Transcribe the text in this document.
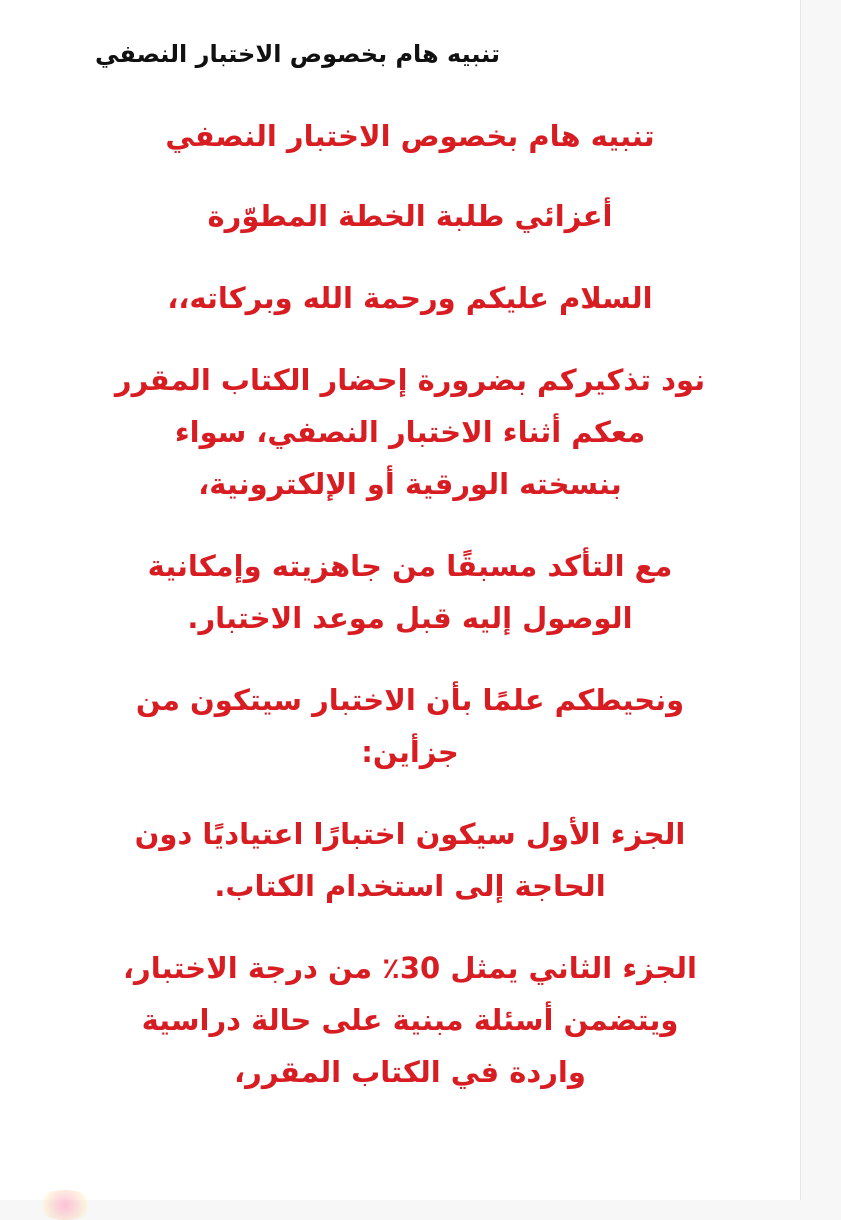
تنبيه هام بخصوص الاختبار النصفي
تنبيه هام بخصوص الاختبار النصفي
أعزائي طلبة الخطة المطوّرة
السلام عليكم ورحمة الله وبركاته،،
نود تذكيركم بضرورة إحضار الكتاب المقرر
معكم أثناء الاختبار النصفي، سواء
بنسخته الورقية أو الإلكترونية،
مع التأكد مسبقًا من جاهزيته وإمكانية
الوصول إليه قبل موعد الاختبار.
ونحيطكم علمًا بأن الاختبار سيتكون من
جزأين:
الجزء الأول سيكون اختبارًا اعتياديًا دون
الحاجة إلى استخدام الكتاب.
الجزء الثاني يمثل 30٪ من درجة الاختبار،
ويتضمن أسئلة مبنية على حالة دراسية
واردة في الكتاب المقرر،
